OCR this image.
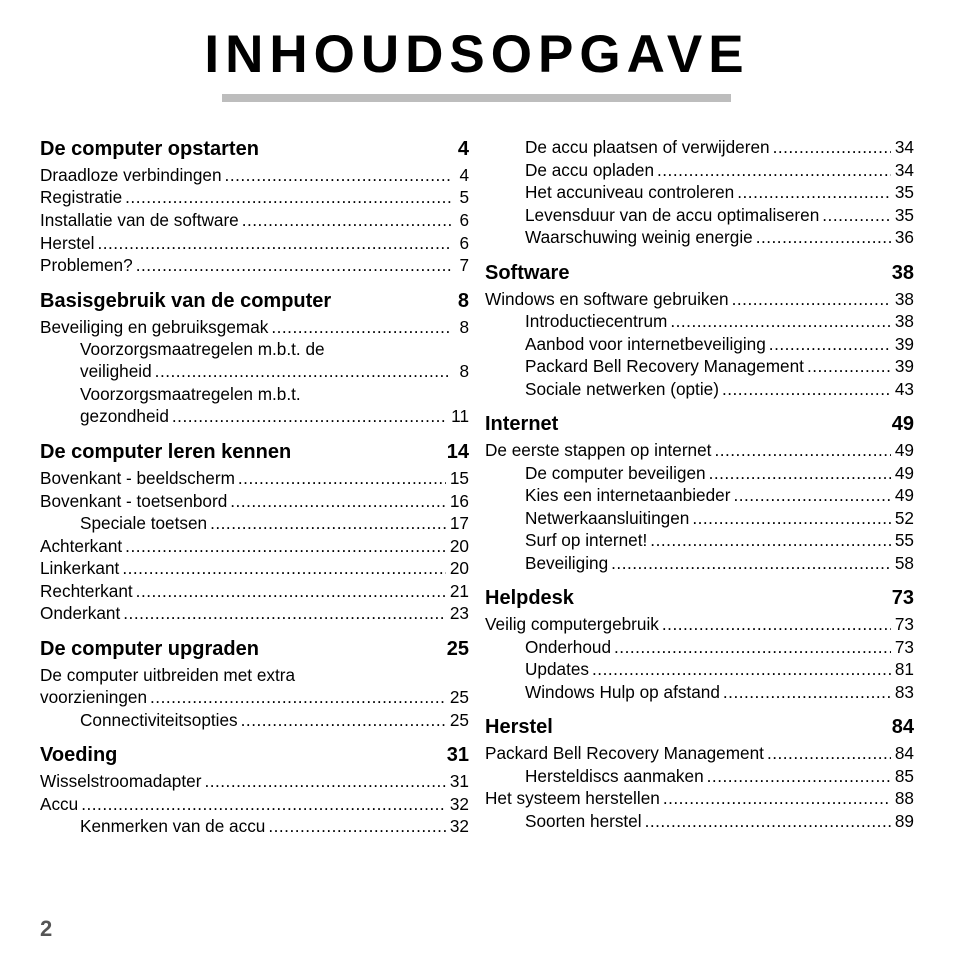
INHOUDSOPGAVE
De computer opstarten	4
Draadloze verbindingen .....	4
Registratie .....	5
Installatie van de software .....	6
Herstel .....	6
Problemen? .....	7
Basisgebruik van de computer	8
Beveiliging en gebruiksgemak .....	8
Voorzorgsmaatregelen m.b.t. de
veiligheid .....	8
Voorzorgsmaatregelen m.b.t.
gezondheid .....	11
De computer leren kennen	14
Bovenkant - beeldscherm .....	15
Bovenkant - toetsenbord .....	16
Speciale toetsen .....	17
Achterkant .....	20
Linkerkant .....	20
Rechterkant .....	21
Onderkant .....	23
De computer upgraden	25
De computer uitbreiden met extra
voorzieningen .....	25
Connectiviteitsopties .....	25
Voeding	31
Wisselstroomadapter .....	31
Accu .....	32
Kenmerken van de accu .....	32
De accu plaatsen of verwijderen .....	34
De accu opladen .....	34
Het accuniveau controleren .....	35
Levensduur van de accu optimaliseren .....	35
Waarschuwing weinig energie .....	36
Software	38
Windows en software gebruiken .....	38
Introductiecentrum .....	38
Aanbod voor internetbeveiliging .....	39
Packard Bell Recovery Management .....	39
Sociale netwerken (optie) .....	43
Internet	49
De eerste stappen op internet .....	49
De computer beveiligen .....	49
Kies een internetaanbieder .....	49
Netwerkaansluitingen .....	52
Surf op internet! .....	55
Beveiliging .....	58
Helpdesk	73
Veilig computergebruik .....	73
Onderhoud .....	73
Updates .....	81
Windows Hulp op afstand .....	83
Herstel	84
Packard Bell Recovery Management .....	84
Hersteldiscs aanmaken .....	85
Het systeem herstellen .....	88
Soorten herstel .....	89
2
